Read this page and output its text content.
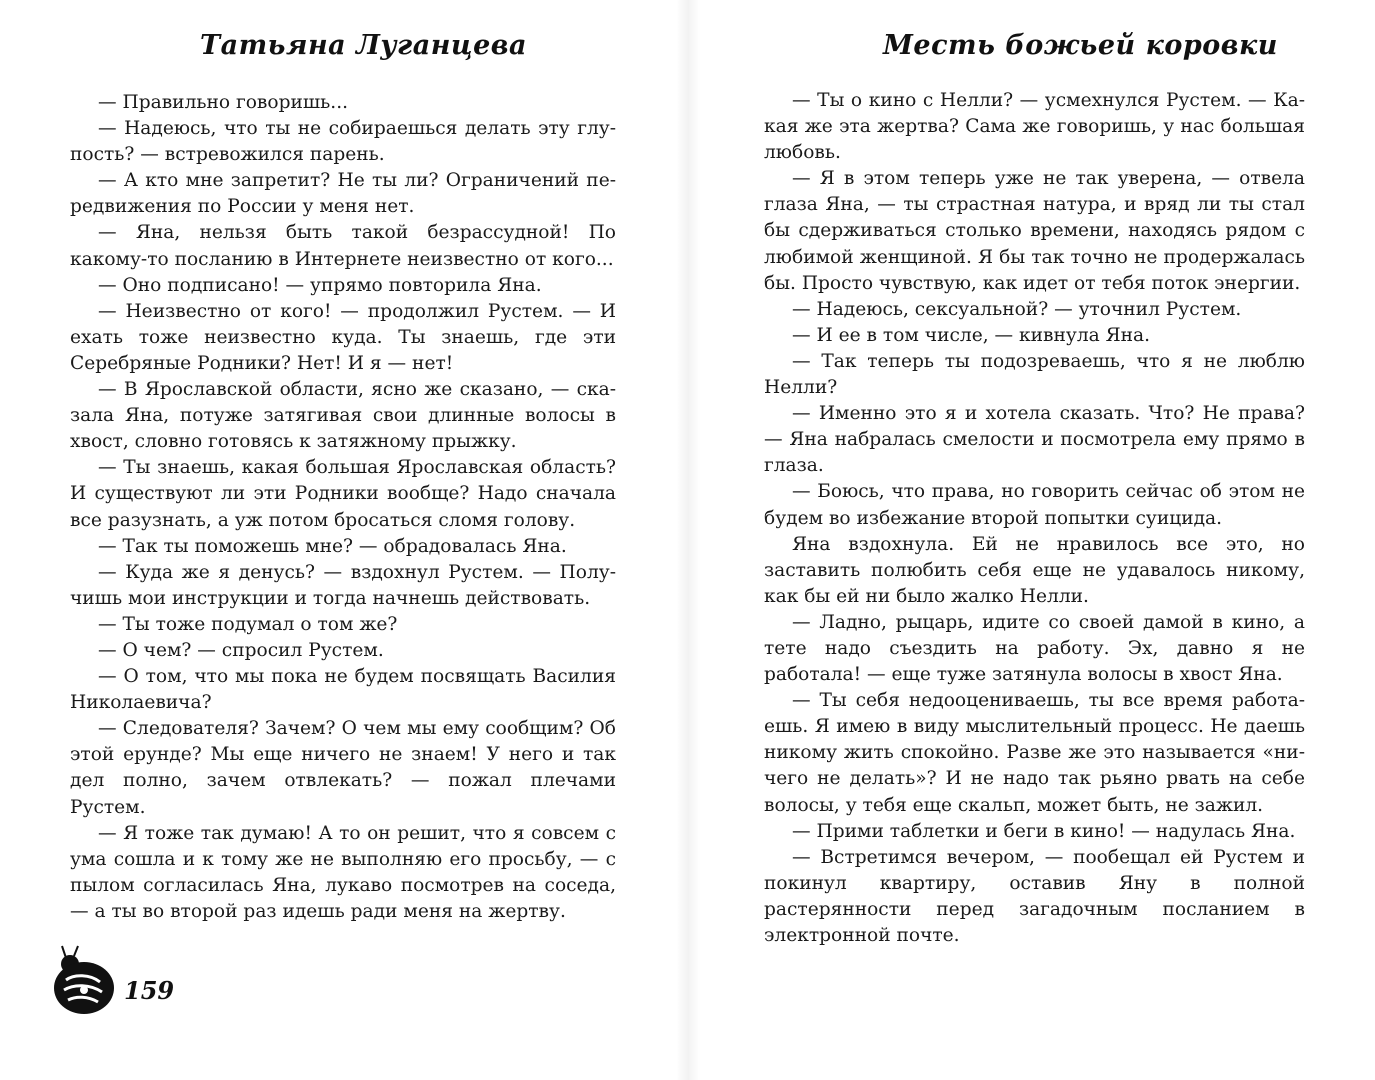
Татьяна Луганцева

— Правильно говоришь...

— Надеюсь, что ты не собираешься делать эту глупость? — встревожился парень.

— А кто мне запретит? Не ты ли? Ограничений передвижения по России у меня нет.

— Яна, нельзя быть такой безрассудной! По какому-то посланию в Интернете неизвестно от кого...

— Оно подписано! — упрямо повторила Яна.

— Неизвестно от кого! — продолжил Рустем. — И ехать тоже неизвестно куда. Ты знаешь, где эти Серебряные Родники? Нет! И я — нет!

— В Ярославской области, ясно же сказано, — сказала Яна, потуже затягивая свои длинные волосы в хвост, словно готовясь к затяжному прыжку.

— Ты знаешь, какая большая Ярославская область? И существуют ли эти Родники вообще? Надо сначала все разузнать, а уж потом бросаться сломя голову.

— Так ты поможешь мне? — обрадовалась Яна.

— Куда же я денусь? — вздохнул Рустем. — Получишь мои инструкции и тогда начнешь действовать.

— Ты тоже подумал о том же?

— О чем? — спросил Рустем.

— О том, что мы пока не будем посвящать Василия Николаевича?

— Следователя? Зачем? О чем мы ему сообщим? Об этой ерунде? Мы еще ничего не знаем! У него и так дел полно, зачем отвлекать? — пожал плечами Рустем.

— Я тоже так думаю! А то он решит, что я совсем с ума сошла и к тому же не выполняю его просьбу, — с пылом согласилась Яна, лукаво посмотрев на соседа, — а ты во второй раз идешь ради меня на жертву.

159
Месть божьей коровки

— Ты о кино с Нелли? — усмехнулся Рустем. — Какая же эта жертва? Сама же говоришь, у нас большая любовь.

— Я в этом теперь уже не так уверена, — отвела глаза Яна, — ты страстная натура, и вряд ли ты стал бы сдерживаться столько времени, находясь рядом с любимой женщиной. Я бы так точно не продержалась бы. Просто чувствую, как идет от тебя поток энергии.

— Надеюсь, сексуальной? — уточнил Рустем.

— И ее в том числе, — кивнула Яна.

— Так теперь ты подозреваешь, что я не люблю Нелли?

— Именно это я и хотела сказать. Что? Не права? — Яна набралась смелости и посмотрела ему прямо в глаза.

— Боюсь, что права, но говорить сейчас об этом не будем во избежание второй попытки суицида.

Яна вздохнула. Ей не нравилось все это, но заставить полюбить себя еще не удавалось никому, как бы ей ни было жалко Нелли.

— Ладно, рыцарь, идите со своей дамой в кино, а тете надо съездить на работу. Эх, давно я не работала! — еще туже затянула волосы в хвост Яна.

— Ты себя недооцениваешь, ты все время работаешь. Я имею в виду мыслительный процесс. Не даешь никому жить спокойно. Разве же это называется «ничего не делать»? И не надо так рьяно рвать на себе волосы, у тебя еще скальп, может быть, не зажил.

— Прими таблетки и беги в кино! — надулась Яна.

— Встретимся вечером, — пообещал ей Рустем и покинул квартиру, оставив Яну в полной растерянности перед загадочным посланием в электронной почте.
